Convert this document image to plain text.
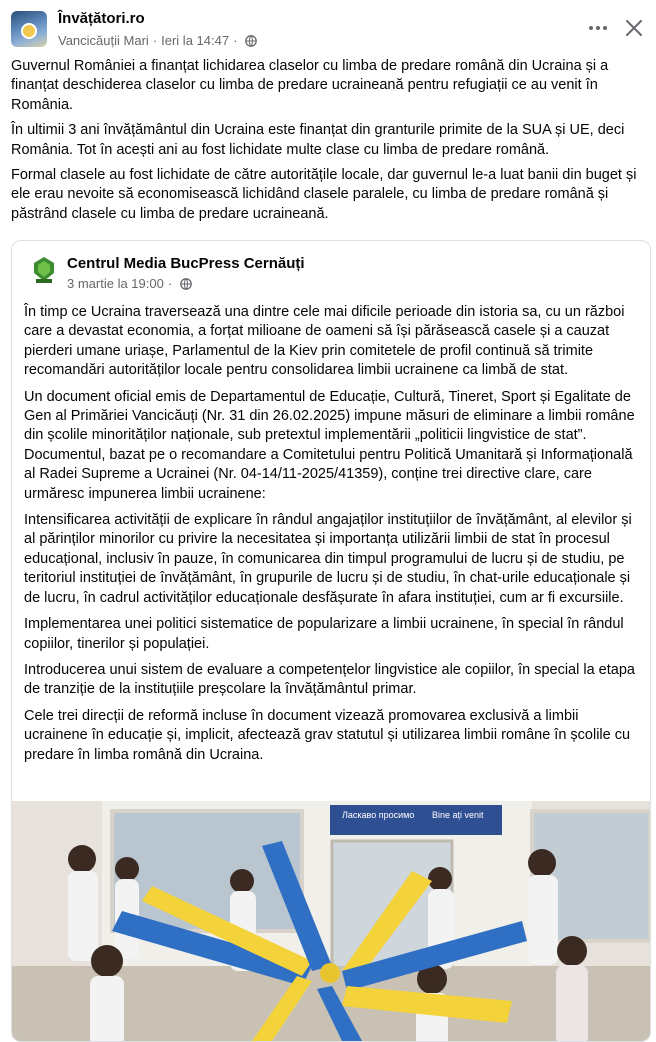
Învățători.ro
Vancicăuții Mari · Ieri la 14:47 ·

Guvernul României a finanțat lichidarea claselor cu limba de predare română din Ucraina și a finanțat deschiderea claselor cu limba de predare ucraineană pentru refugiații ce au venit în România.

În ultimii 3 ani învățământul din Ucraina este finanțat din granturile primite de la SUA și UE, deci România. Tot în acești ani au fost lichidate multe clase cu limba de predare română.

Formal clasele au fost lichidate de către autoritățile locale, dar guvernul le-a luat banii din buget și ele erau nevoite să economisească lichidând clasele paralele, cu limba de predare română și păstrând clasele cu limba de predare ucraineană.

Centrul Media BucPress Cernăuți
3 martie la 19:00 ·

În timp ce Ucraina traversează una dintre cele mai dificile perioade din istoria sa, cu un război care a devastat economia, a forțat milioane de oameni să își părăsească casele și a cauzat pierderi umane uriașe, Parlamentul de la Kiev prin comitetele de profil continuă să trimite recomandări autorităților locale pentru consolidarea limbii ucrainene ca limbă de stat.

Un document oficial emis de Departamentul de Educație, Cultură, Tineret, Sport și Egalitate de Gen al Primăriei Vancicăuți (Nr. 31 din 26.02.2025) impune măsuri de eliminare a limbii române din școlile minorităților naționale, sub pretextul implementării „politicii lingvistice de stat”. Documentul, bazat pe o recomandare a Comitetului pentru Politică Umanitară și Informațională al Radei Supreme a Ucrainei (Nr. 04-14/11-2025/41359), conține trei directive clare, care urmăresc impunerea limbii ucrainene:

Intensificarea activității de explicare în rândul angajaților instituțiilor de învățământ, al elevilor și al părinților minorilor cu privire la necesitatea și importanța utilizării limbii de stat în procesul educațional, inclusiv în pauze, în comunicarea din timpul programului de lucru și de studiu, pe teritoriul instituției de învățământ, în grupurile de lucru și de studiu, în chat-urile educaționale și de lucru, în cadrul activităților educaționale desfășurate în afara instituției, cum ar fi excursiile.

Implementarea unei politici sistematice de popularizare a limbii ucrainene, în special în rândul copiilor, tinerilor și populației.

Introducerea unui sistem de evaluare a competențelor lingvistice ale copiilor, în special la etapa de tranziție de la instituțiile preșcolare la învățământul primar.

Cele trei direcții de reformă incluse în document vizează promovarea exclusivă a limbii ucrainene în educație și, implicit, afectează grav statutul și utilizarea limbii române în școlile cu predare în limba română din Ucraina.

Ласкаво просимо Bine ați venit
